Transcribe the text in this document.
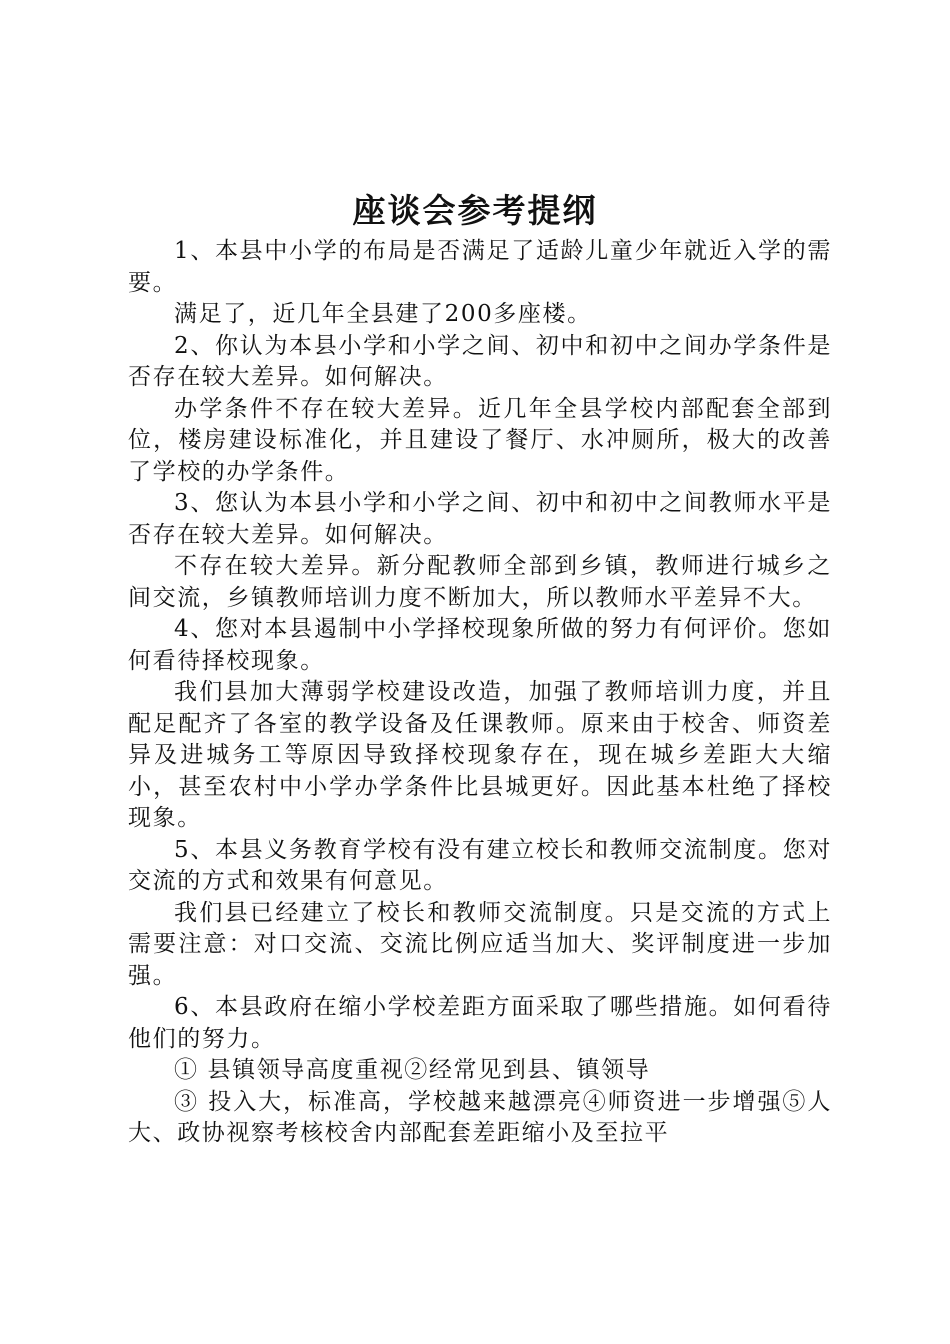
座谈会参考提纲

1、本县中小学的布局是否满足了适龄儿童少年就近入学的需要。

满足了，近几年全县建了200多座楼。

2、你认为本县小学和小学之间、初中和初中之间办学条件是否存在较大差异。如何解决。

办学条件不存在较大差异。近几年全县学校内部配套全部到位，楼房建设标准化，并且建设了餐厅、水冲厕所，极大的改善了学校的办学条件。

3、您认为本县小学和小学之间、初中和初中之间教师水平是否存在较大差异。如何解决。

不存在较大差异。新分配教师全部到乡镇，教师进行城乡之间交流，乡镇教师培训力度不断加大，所以教师水平差异不大。

4、您对本县遏制中小学择校现象所做的努力有何评价。您如何看待择校现象。

我们县加大薄弱学校建设改造，加强了教师培训力度，并且配足配齐了各室的教学设备及任课教师。原来由于校舍、师资差异及进城务工等原因导致择校现象存在，现在城乡差距大大缩小，甚至农村中小学办学条件比县城更好。因此基本杜绝了择校现象。

5、本县义务教育学校有没有建立校长和教师交流制度。您对交流的方式和效果有何意见。

我们县已经建立了校长和教师交流制度。只是交流的方式上需要注意：对口交流、交流比例应适当加大、奖评制度进一步加强。

6、本县政府在缩小学校差距方面采取了哪些措施。如何看待他们的努力。

① 县镇领导高度重视②经常见到县、镇领导

③ 投入大，标准高，学校越来越漂亮④师资进一步增强⑤人大、政协视察考核校舍内部配套差距缩小及至拉平
